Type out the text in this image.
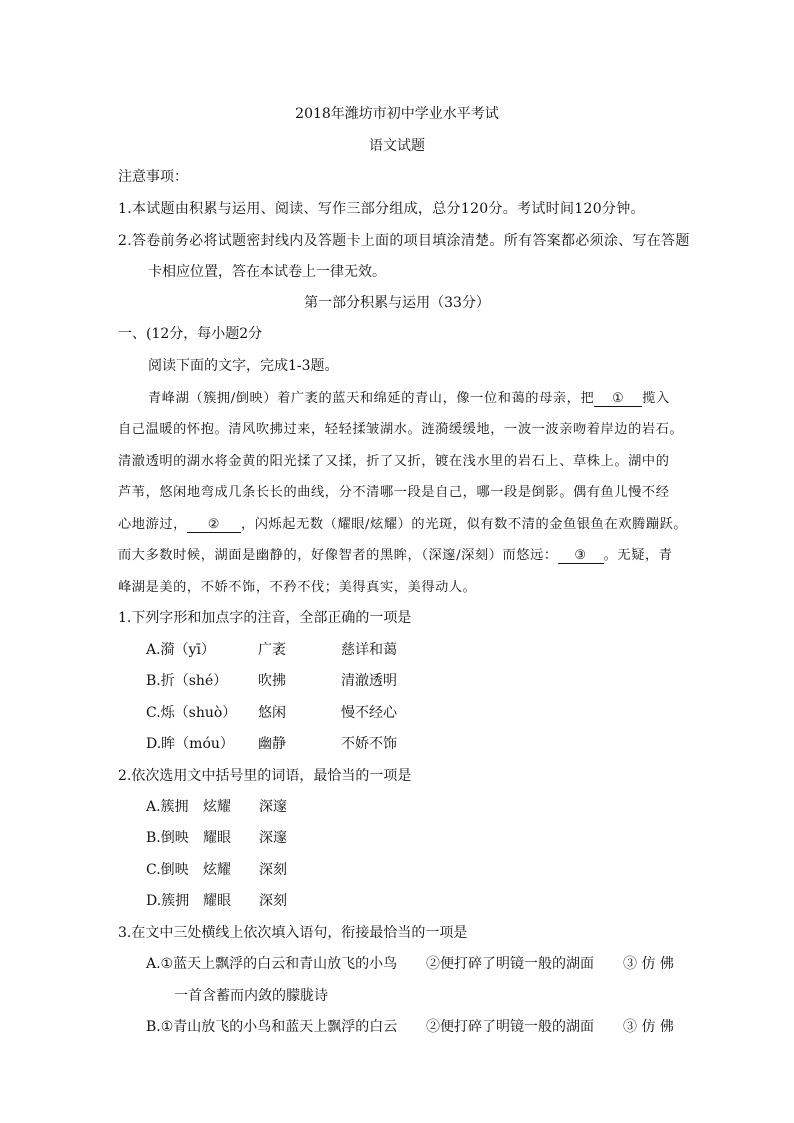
2018年潍坊市初中学业水平考试
语文试题
注意事项：
1.本试题由积累与运用、阅读、写作三部分组成，总分120分。考试时间120分钟。
2.答卷前务必将试题密封线内及答题卡上面的项目填涂清楚。所有答案都必须涂、写在答题
卡相应位置，答在本试卷上一律无效。
第一部分积累与运用（33分）
一、(12分，每小题2分
阅读下面的文字，完成1-3题。
青峰湖（簇拥/倒映）着广袤的蓝天和绵延的青山，像一位和蔼的母亲，把 ① 揽入
自己温暖的怀抱。清风吹拂过来，轻轻揉皱湖水。涟漪缓缓地，一波一波亲吻着岸边的岩石。
清澈透明的湖水将金黄的阳光揉了又揉，折了又折，镀在浅水里的岩石上、草株上。湖中的
芦苇，悠闲地弯成几条长长的曲线，分不清哪一段是自己，哪一段是倒影。偶有鱼儿慢不经
心地游过， ② ，闪烁起无数（耀眼/炫耀）的光斑，似有数不清的金鱼银鱼在欢腾蹦跃。
而大多数时候，湖面是幽静的，好像智者的黑眸，（深邃/深刻）而悠远： ③ 。无疑，青
峰湖是美的，不娇不饰，不矜不伐；美得真实，美得动人。
1.下列字形和加点字的注音，全部正确的一项是
A.漪（yī）	广袤	慈详和蔼
B.折（shé） 吹拂	清澈透明
C.烁（shuò） 悠闲	慢不经心
D.眸（móu） 幽静	不娇不饰
2.依次选用文中括号里的词语，最恰当的一项是
A.簇拥 炫耀 深邃
B.倒映 耀眼 深邃
C.倒映 炫耀 深刻
D.簇拥 耀眼 深刻
3.在文中三处横线上依次填入语句，衔接最恰当的一项是
A.①蓝天上飘浮的白云和青山放飞的小鸟 ②便打碎了明镜一般的湖面 ③ 仿 佛
一首含蓄而内敛的朦胧诗
B.①青山放飞的小鸟和蓝天上飘浮的白云 ②便打碎了明镜一般的湖面 ③ 仿 佛
